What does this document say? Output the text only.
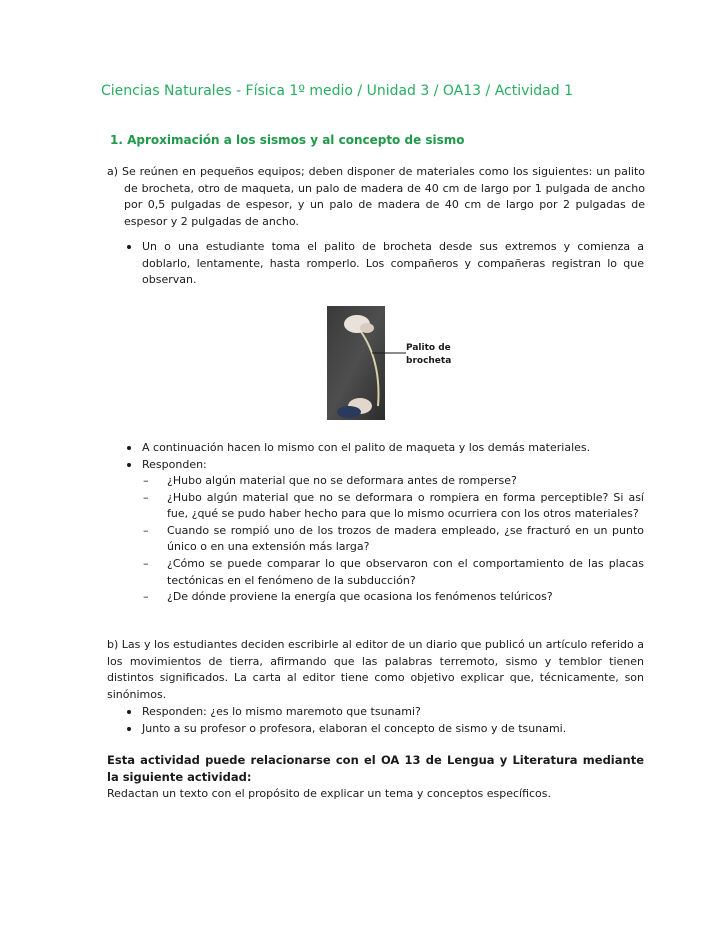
Ciencias Naturales - Física 1º medio / Unidad 3 / OA13 / Actividad 1
1. Aproximación a los sismos y al concepto de sismo
a) Se reúnen en pequeños equipos; deben disponer de materiales como los siguientes: un palito de brocheta, otro de maqueta, un palo de madera de 40 cm de largo por 1 pulgada de ancho por 0,5 pulgadas de espesor, y un palo de madera de 40 cm de largo por 2 pulgadas de espesor y 2 pulgadas de ancho.
Un o una estudiante toma el palito de brocheta desde sus extremos y comienza a doblarlo, lentamente, hasta romperlo. Los compañeros y compañeras registran lo que observan.
Palito de
brocheta
A continuación hacen lo mismo con el palito de maqueta y los demás materiales.
Responden:
– ¿Hubo algún material que no se deformara antes de romperse?
– ¿Hubo algún material que no se deformara o rompiera en forma perceptible? Si así fue, ¿qué se pudo haber hecho para que lo mismo ocurriera con los otros materiales?
– Cuando se rompió uno de los trozos de madera empleado, ¿se fracturó en un punto único o en una extensión más larga?
– ¿Cómo se puede comparar lo que observaron con el comportamiento de las placas tectónicas en el fenómeno de la subducción?
– ¿De dónde proviene la energía que ocasiona los fenómenos telúricos?
b) Las y los estudiantes deciden escribirle al editor de un diario que publicó un artículo referido a los movimientos de tierra, afirmando que las palabras terremoto, sismo y temblor tienen distintos significados. La carta al editor tiene como objetivo explicar que, técnicamente, son sinónimos.
Responden: ¿es lo mismo maremoto que tsunami?
Junto a su profesor o profesora, elaboran el concepto de sismo y de tsunami.
Esta actividad puede relacionarse con el OA 13 de Lengua y Literatura mediante la siguiente actividad:
Redactan un texto con el propósito de explicar un tema y conceptos específicos.
